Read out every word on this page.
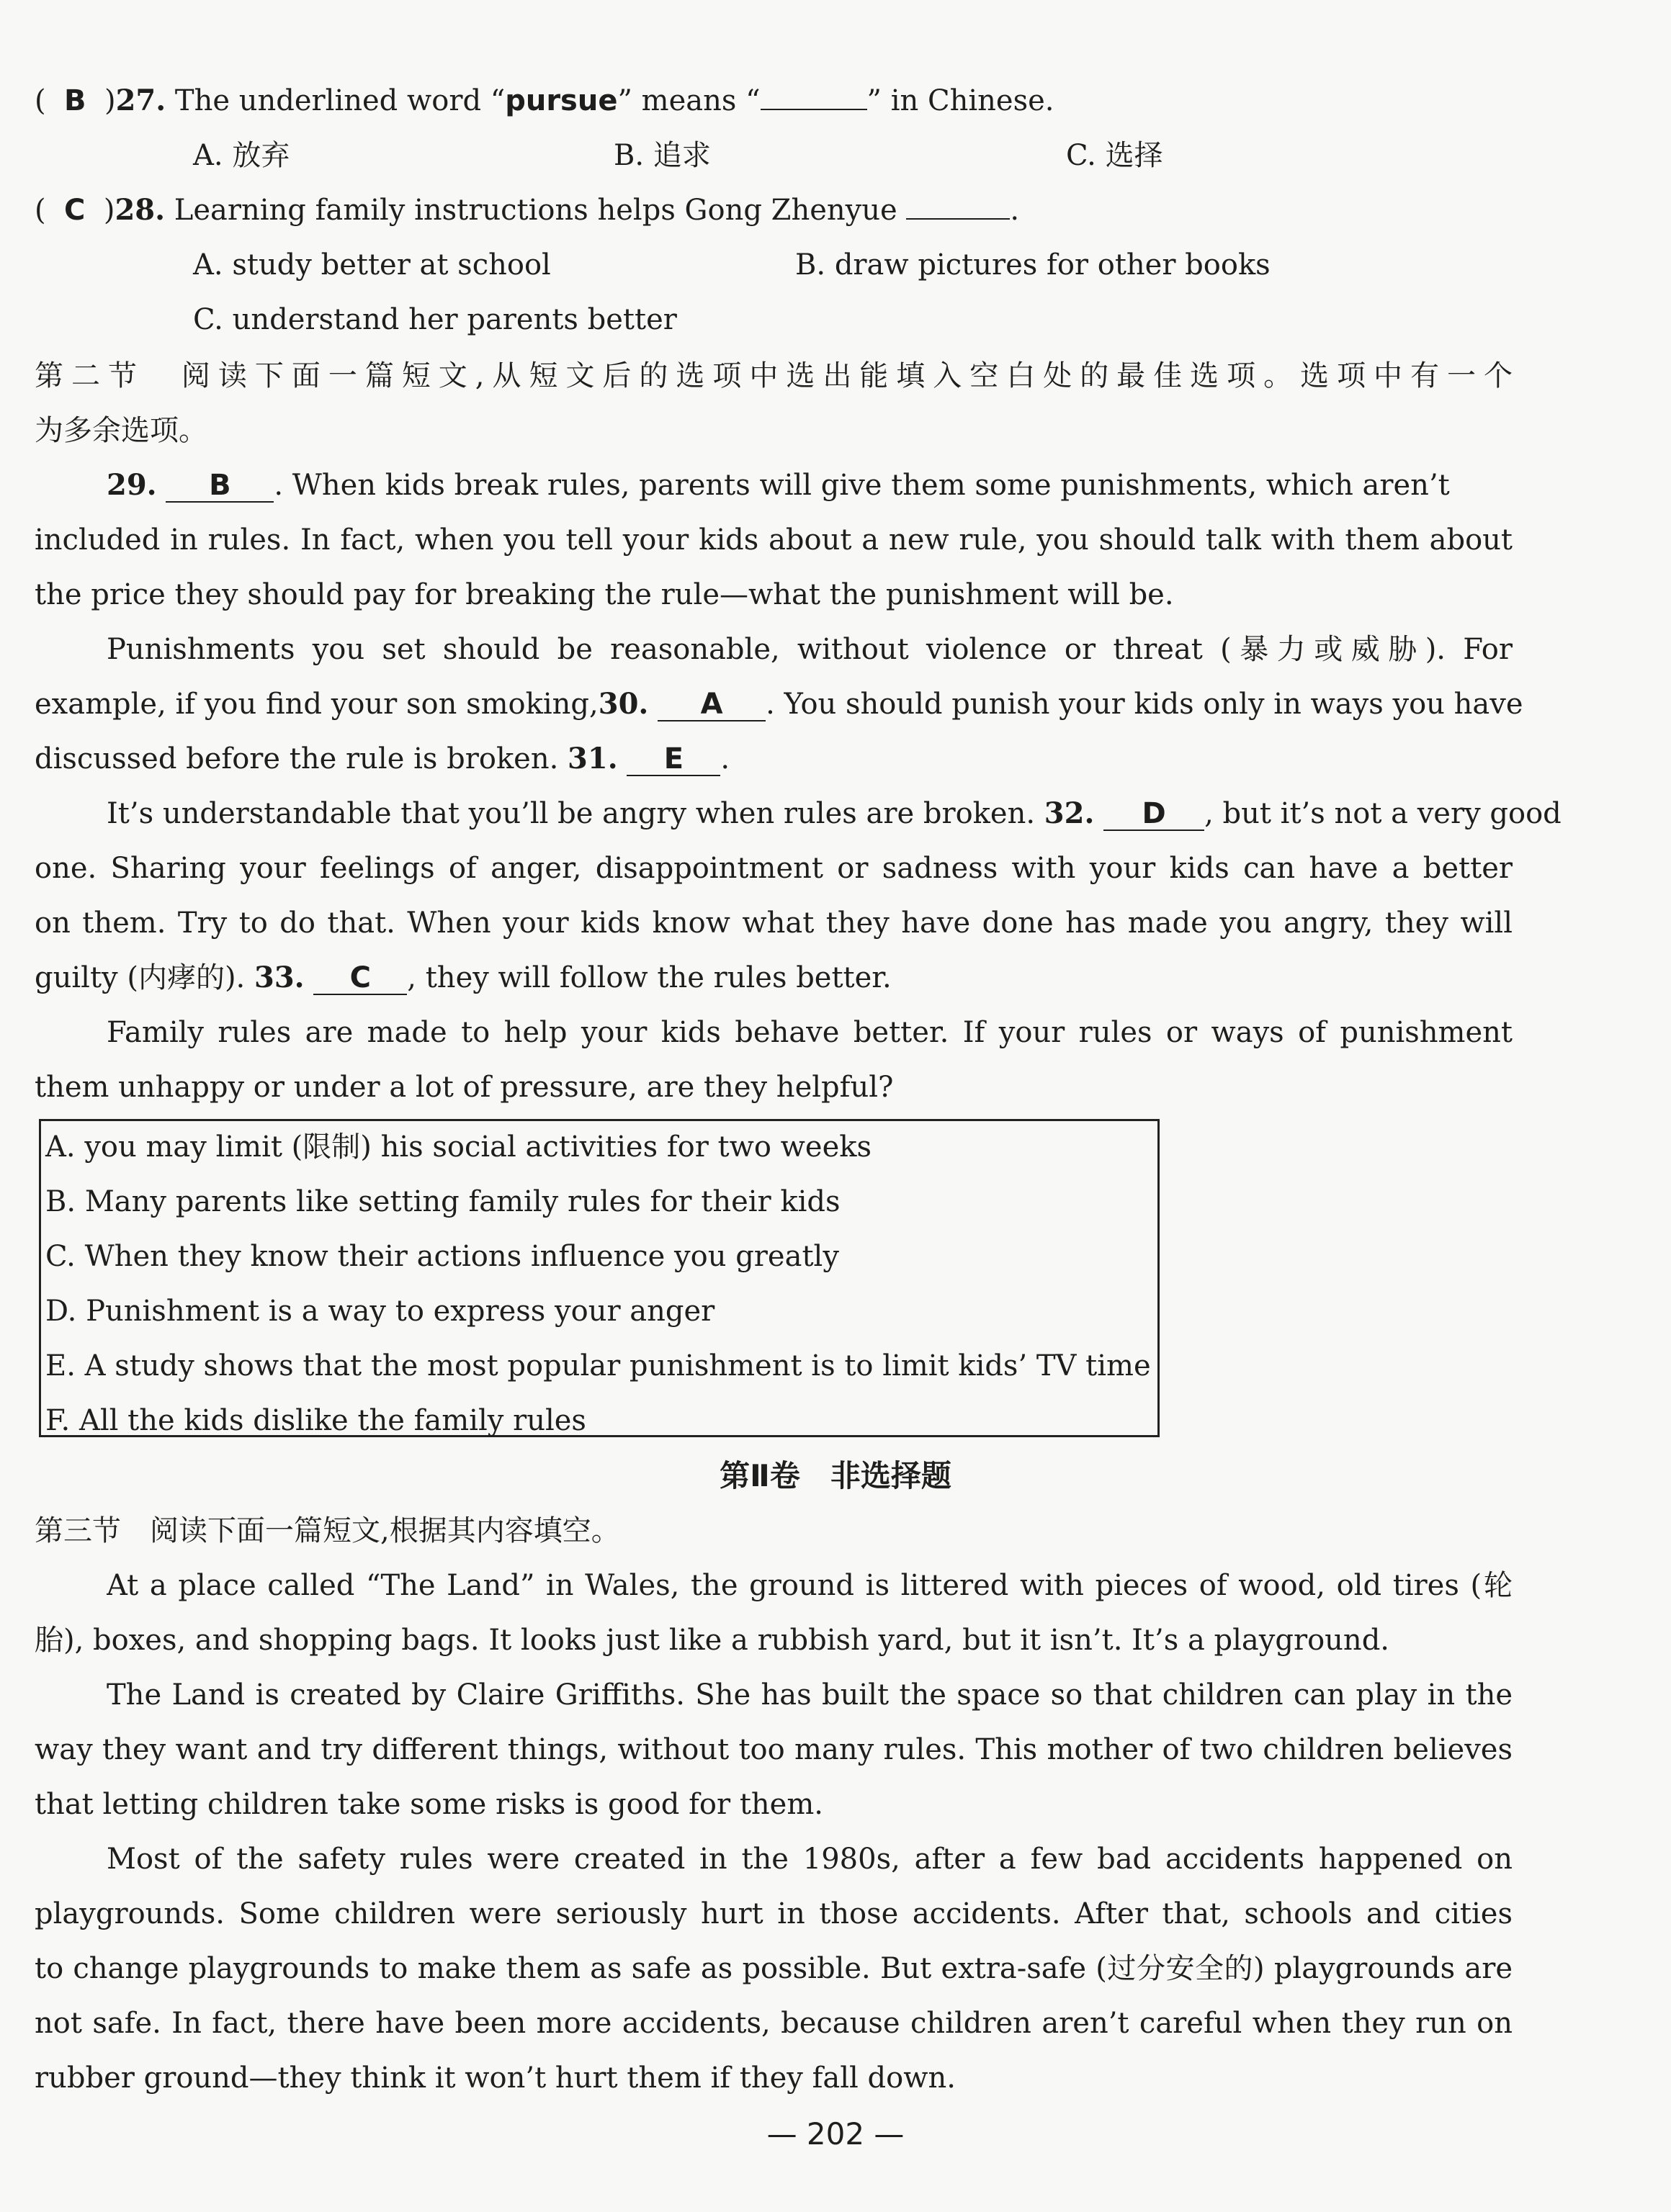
( B )27. The underlined word “pursue” means “	” in Chinese.
A. 放弃	B. 追求	C. 选择
( C )28. Learning family instructions helps Gong Zhenyue	.
A. study better at school	B. draw pictures for other books
C. understand her parents better
第二节　阅读下面一篇短文,从短文后的选项中选出能填入空白处的最佳选项。选项中有一个
为多余选项。
29. B . When kids break rules, parents will give them some punishments, which aren’t
included in rules. In fact, when you tell your kids about a new rule, you should talk with them about
the price they should pay for breaking the rule—what the punishment will be.
Punishments you set should be reasonable, without violence or threat (暴力或威胁). For
example, if you find your son smoking,30. A . You should punish your kids only in ways you have
discussed before the rule is broken. 31. E .
It’s understandable that you’ll be angry when rules are broken. 32. D , but it’s not a very good
one. Sharing your feelings of anger, disappointment or sadness with your kids can have a better
on them. Try to do that. When your kids know what they have done has made you angry, they will
guilty (内痚的). 33. C , they will follow the rules better.
Family rules are made to help your kids behave better. If your rules or ways of punishment
them unhappy or under a lot of pressure, are they helpful?
A. you may limit (限制) his social activities for two weeks
B. Many parents like setting family rules for their kids
C. When they know their actions influence you greatly
D. Punishment is a way to express your anger
E. A study shows that the most popular punishment is to limit kids’ TV time
F. All the kids dislike the family rules
第Ⅱ卷　非选择题
第三节　阅读下面一篇短文,根据其内容填空。
At a place called “The Land” in Wales, the ground is littered with pieces of wood, old tires (轮
胎), boxes, and shopping bags. It looks just like a rubbish yard, but it isn’t. It’s a playground.
The Land is created by Claire Griffiths. She has built the space so that children can play in the
way they want and try different things, without too many rules. This mother of two children believes
that letting children take some risks is good for them.
Most of the safety rules were created in the 1980s, after a few bad accidents happened on
playgrounds. Some children were seriously hurt in those accidents. After that, schools and cities
to change playgrounds to make them as safe as possible. But extra-safe (过分安全的) playgrounds are
not safe. In fact, there have been more accidents, because children aren’t careful when they run on
rubber ground—they think it won’t hurt them if they fall down.
— 202 —
